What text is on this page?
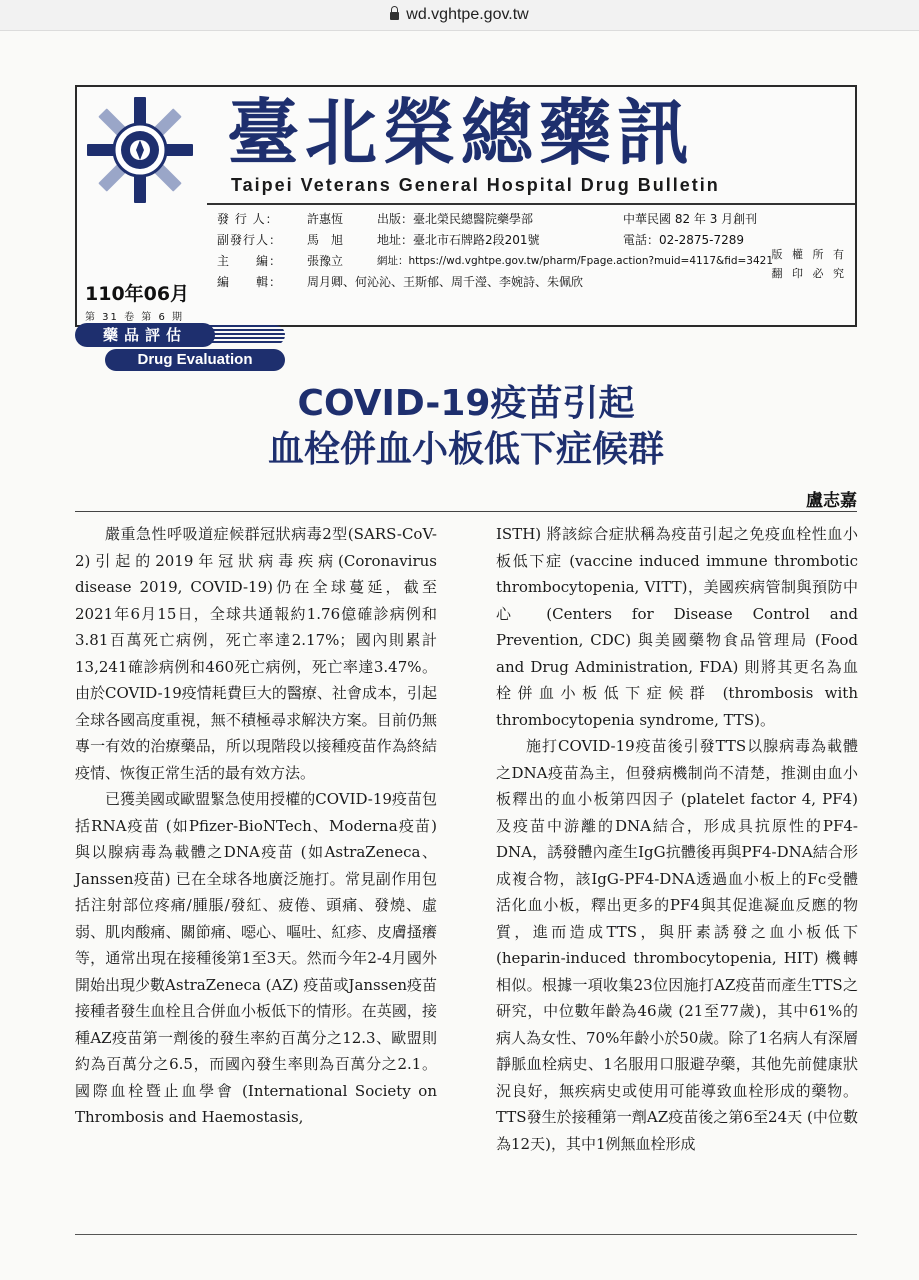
wd.vghtpe.gov.tw
臺北榮總藥訊
Taipei Veterans General Hospital Drug Bulletin
發 行 人：	許惠恆	出版：臺北榮民總醫院藥學部	中華民國 82 年 3 月創刊
副發行人：	馬　旭	地址：臺北市石牌路2段201號	電話：02-2875-7289
主　　編：	張豫立	網址：https://wd.vghtpe.gov.tw/pharm/Fpage.action?muid=4117&fid=3421
編　　輯：	周月卿、何沁沁、王斯郁、周千瀅、李婉詩、朱佩欣
110年06月
第 31 卷 第 6 期
版 權 所 有
翻 印 必 究
藥品評估
Drug Evaluation
COVID-19疫苗引起
血栓併血小板低下症候群
盧志嘉

嚴重急性呼吸道症候群冠狀病毒2型(SARS-CoV-2)引起的2019年冠狀病毒疾病(Coronavirus disease 2019, COVID-19)仍在全球蔓延，截至2021年6月15日，全球共通報約1.76億確診病例和3.81百萬死亡病例，死亡率達2.17%；國內則累計13,241確診病例和460死亡病例，死亡率達3.47%。由於COVID-19疫情耗費巨大的醫療、社會成本，引起全球各國高度重視，無不積極尋求解決方案。目前仍無專一有效的治療藥品，所以現階段以接種疫苗作為終結疫情、恢復正常生活的最有效方法。

已獲美國或歐盟緊急使用授權的COVID-19疫苗包括RNA疫苗 (如Pfizer-BioNTech、Moderna疫苗) 與以腺病毒為載體之DNA疫苗 (如AstraZeneca、Janssen疫苗) 已在全球各地廣泛施打。常見副作用包括注射部位疼痛/腫脹/發紅、疲倦、頭痛、發燒、虛弱、肌肉酸痛、關節痛、噁心、嘔吐、紅疹、皮膚搔癢等，通常出現在接種後第1至3天。然而今年2-4月國外開始出現少數AstraZeneca (AZ) 疫苗或Janssen疫苗接種者發生血栓且合併血小板低下的情形。在英國，接種AZ疫苗第一劑後的發生率約百萬分之12.3、歐盟則約為百萬分之6.5，而國內發生率則為百萬分之2.1。國際血栓暨止血學會 (International Society on Thrombosis and Haemostasis,

ISTH) 將該綜合症狀稱為疫苗引起之免疫血栓性血小板低下症 (vaccine induced immune thrombotic thrombocytopenia, VITT)，美國疾病管制與預防中心 (Centers for Disease Control and Prevention, CDC) 與美國藥物食品管理局 (Food and Drug Administration, FDA) 則將其更名為血栓併血小板低下症候群 (thrombosis with thrombocytopenia syndrome, TTS)。

施打COVID-19疫苗後引發TTS以腺病毒為載體之DNA疫苗為主，但發病機制尚不清楚，推測由血小板釋出的血小板第四因子 (platelet factor 4, PF4) 及疫苗中游離的DNA結合，形成具抗原性的PF4-DNA，誘發體內產生IgG抗體後再與PF4-DNA結合形成複合物，該IgG-PF4-DNA透過血小板上的Fc受體活化血小板，釋出更多的PF4與其促進凝血反應的物質，進而造成TTS，與肝素誘發之血小板低下 (heparin-induced thrombocytopenia, HIT) 機轉相似。根據一項收集23位因施打AZ疫苗而產生TTS之研究，中位數年齡為46歲 (21至77歲)，其中61%的病人為女性、70%年齡小於50歲。除了1名病人有深層靜脈血栓病史、1名服用口服避孕藥，其他先前健康狀況良好，無疾病史或使用可能導致血栓形成的藥物。TTS發生於接種第一劑AZ疫苗後之第6至24天 (中位數為12天)，其中1例無血栓形成
